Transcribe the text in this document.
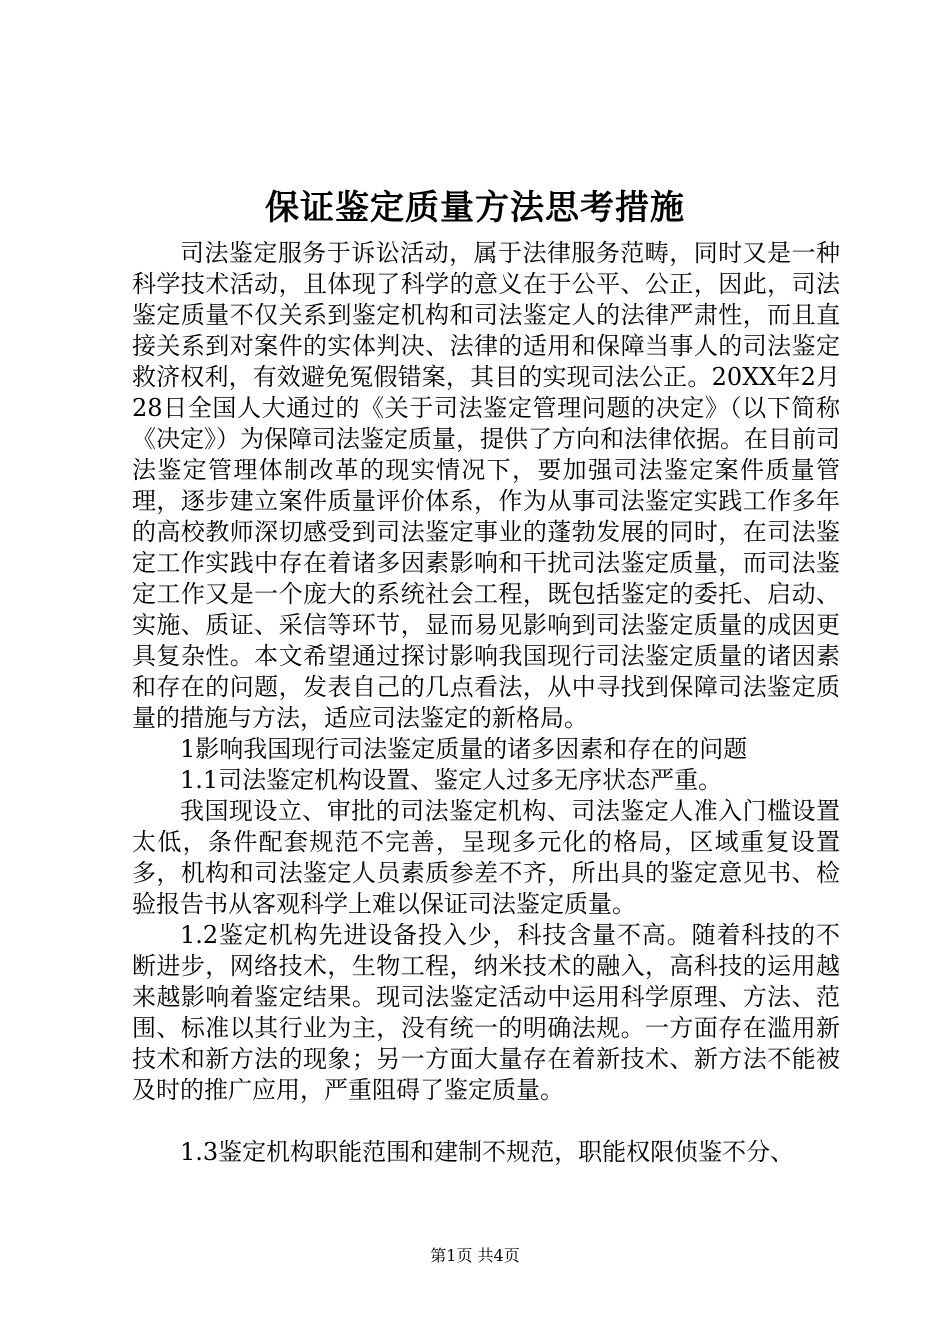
保证鉴定质量方法思考措施

司法鉴定服务于诉讼活动，属于法律服务范畴，同时又是一种科学技术活动，且体现了科学的意义在于公平、公正，因此，司法鉴定质量不仅关系到鉴定机构和司法鉴定人的法律严肃性，而且直接关系到对案件的实体判决、法律的适用和保障当事人的司法鉴定救济权利，有效避免冤假错案，其目的实现司法公正。20XX年2月28日全国人大通过的《关于司法鉴定管理问题的决定》（以下简称《决定》）为保障司法鉴定质量，提供了方向和法律依据。在目前司法鉴定管理体制改革的现实情况下，要加强司法鉴定案件质量管理，逐步建立案件质量评价体系，作为从事司法鉴定实践工作多年的高校教师深切感受到司法鉴定事业的蓬勃发展的同时，在司法鉴定工作实践中存在着诸多因素影响和干扰司法鉴定质量，而司法鉴定工作又是一个庞大的系统社会工程，既包括鉴定的委托、启动、实施、质证、采信等环节，显而易见影响到司法鉴定质量的成因更具复杂性。本文希望通过探讨影响我国现行司法鉴定质量的诸因素和存在的问题，发表自己的几点看法，从中寻找到保障司法鉴定质量的措施与方法，适应司法鉴定的新格局。

1影响我国现行司法鉴定质量的诸多因素和存在的问题

1.1司法鉴定机构设置、鉴定人过多无序状态严重。

我国现设立、审批的司法鉴定机构、司法鉴定人准入门槛设置太低，条件配套规范不完善，呈现多元化的格局，区域重复设置多，机构和司法鉴定人员素质参差不齐，所出具的鉴定意见书、检验报告书从客观科学上难以保证司法鉴定质量。

1.2鉴定机构先进设备投入少，科技含量不高。随着科技的不断进步，网络技术，生物工程，纳米技术的融入，高科技的运用越来越影响着鉴定结果。现司法鉴定活动中运用科学原理、方法、范围、标准以其行业为主，没有统一的明确法规。一方面存在滥用新技术和新方法的现象；另一方面大量存在着新技术、新方法不能被及时的推广应用，严重阻碍了鉴定质量。

1.3鉴定机构职能范围和建制不规范，职能权限侦鉴不分、

第1页 共4页
